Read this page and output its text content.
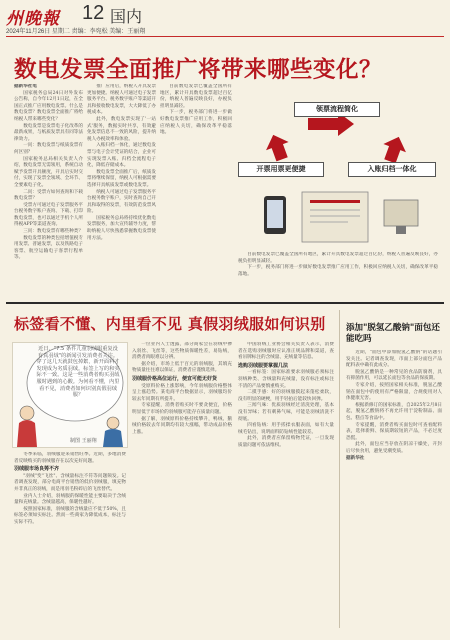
州晚報 12 国内
2024年11月26日 星期二 责编：李宛松 美编：王丽翔
数电发票全面推广将带来哪些变化？

据新华社电

国家税务总局24日对外发布公告称，自今年12月1日起，在全国正式推广应用数电发票。什么是数电发票？数电发票全面推广将给纳税人带来哪些变化？

数电发票是发票电子化改革的最新成果，与纸质发票具有同等法律效力。

一问：数电发票与纸质发票有何区别？

国家税务总局相关负责人介绍，数电发票无需领用，系统自动赋予发票开具额度，开具后实时交付，实现了发票全领域、全环节、全要素电子化。

二问：受票方如何查询和下载数电发票？

受票方可通过电子发票服务平台税务数字账户查询、下载、打印数电发票，也可以通过手机个人所得税APP等渠道查询。

三问：数电发票有哪些种类？

数电发票的种类包括增值税专用发票、普通发票，以及铁路电子客票、航空运输电子客票行程单等。

推广应用后，纳税人开具发票更加便捷。纳税人可通过电子发票服务平台、税务数字账户等渠道开具和接收数电发票，大大降低了办税成本。

此外，数电发票实现了'一站式'服务，数据实时共享，有效避免发票信息不一致的风险，提升纳税人办税效率和体验。

入账归档一体化，通过数电发票与电子会计凭证的结合，企业可实现发票入账、归档全流程电子化，降低存储成本。

数电发票全面推广后，纸质发票将继续保留，纳税人可根据需要选择开具纸质发票或数电发票。

纳税人可通过电子发票服务平台税务数字账户，实时查询自己开具和取得的发票，有效防范发票风险。

国家税务总局将持续优化数电发票服务，加大宣传辅导力度，帮助纳税人尽快熟悉掌握数电发票使用方法。

目前数电发票已覆盖全国所有地区，累计开具数电发票超过百亿份，纳税人普遍反映良好，办税负担明显减轻。

下一步，税务部门将进一步做好数电发票推广应用工作，积极回应纳税人关切，确保改革平稳落地。

领票流程简化
开票用票更便捷	入账归档一体化

目前数电发票已覆盖全国所有地区，累计开具数电发票超过百亿份，纳税人普遍反映良好，办税负担明显减轻。

下一步，税务部门将进一步做好数电发票推广应用工作，积极回应纳税人关切，确保改革平稳落地。

标签看不懂、内里看不见 真假羽绒服如何识别
近日，"7.5 条件儿童羽绒服重复没有真羽绒"的新闻引发消费者关注。穿了这几天就鼓包掉絮，新开面料才发现成为劣质羽绒。标签上写的和实际不一致。这是一些消费者购买羽绒服时遇到的心酸。为何看不懂，内里看不见，消费者如何识别真假羽绒服？
制图 王丽翔

冬季来临，羽绒服迎来销售旺季。近期，多地消费者反映购买的羽绒服存在以次充好问题。

羽绒服市场良莠不齐

"羽绒"变"飞丝"、含绒量标注不符等问题频发。记者调查发现，部分电商平台销售的低价羽绒服，填充物并非真正的羽绒，而是用羽毛粉碎后的飞丝替代。

业内人士介绍，羽绒服的保暖性能主要取决于含绒量和充绒量。含绒量越高，保暖性越好。

按照国家标准，羽绒服的含绒量应不低于50%，且标签必须如实标注。然而一些商家为降低成本，标注与实际不符。

一位业内人士透露，部分商家会在羽绒中掺入羽丝、飞丝等，这些物质保暖性差，易钻绒，消费者肉眼难以分辨。

据介绍，市场上低于百元的羽绒服，其填充物质量往往难以保证，消费者应谨慎选择。

羽绒服价格高位运行，便宜可能无好货

受原料价格上涨影响，今年羽绒服价格整体呈上涨趋势。某电商平台数据显示，羽绒服均价较去年同期有所提升。

专家提醒，消费者购买时不要贪便宜，价格明显低于市场价的羽绒服可能存在质量问题。

据了解，羽绒原料价格持续攀升，鸭绒、鹅绒价格较去年同期均有较大涨幅，带动成品价格上涨。

中国羽绒工业协会相关负责人表示，消费者在选购羽绒服时应认准正规品牌和渠道，查看吊牌标注的含绒量、充绒量等信息。

选购羽绒服要掌握几法

一看标签：国家标准要求羽绒服必须标注羽绒种类、含绒量和充绒量，没有标注或标注不清的产品要慎重购买。

二摸手感：好的羽绒服摸起来蓬松柔软，没有明显的硬梗，用手轻拍后能较快回弹。

三闻气味：优质羽绒经过清洗处理，基本没有异味；若有刺鼻气味，可能是羽绒清洗不彻底。

四看钻绒：用手搓揉衣服表面，如有大量绒毛钻出，说明面料防钻绒性能较差。

此外，消费者应保留购物凭证，一旦发现质量问题可依法维权。

添加"脱氢乙酸钠"面包还能吃吗

近期，"面包中添加脱氢乙酸钠"的话题引发关注。记者调查发现，市面上部分面包产品配料表中确有此成分。

脱氢乙酸钠是一种常见的食品防腐剂，具有抑菌作用，可以延长面包等食品的保质期。

专家介绍，按照国家相关标准，脱氢乙酸钠在面包中的使用有严格限量，合规使用对人体健康无害。

根据新修订的国家标准，自2025年2月8日起，脱氢乙酸钠将不再允许用于淀粉制品、面包、糕点等食品中。

专家提醒，消费者购买面包时可查看配料表，选择新鲜、保质期较短的产品，不必过度恐慌。

此外，面包应当存放在阴凉干燥处，开封后尽快食用，避免受潮变质。

据新华社
